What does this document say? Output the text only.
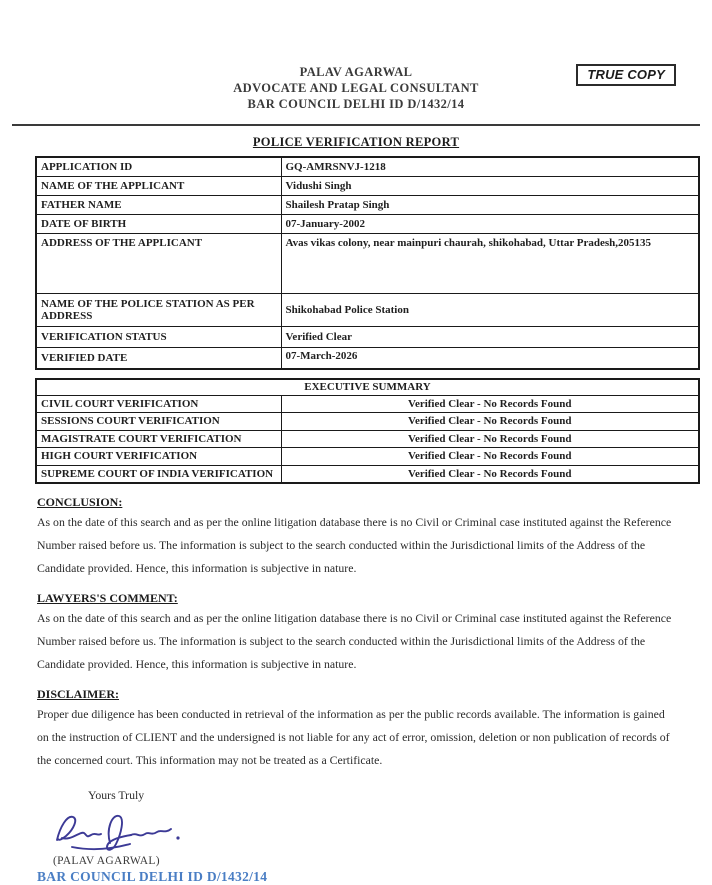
PALAV AGARWAL
ADVOCATE AND LEGAL CONSULTANT
BAR COUNCIL DELHI ID D/1432/14
TRUE COPY
POLICE VERIFICATION REPORT
APPLICATION ID	GQ-AMRSNVJ-1218
NAME OF THE APPLICANT	Vidushi Singh
FATHER NAME	Shailesh Pratap Singh
DATE OF BIRTH	07-January-2002
ADDRESS OF THE APPLICANT	Avas vikas colony, near mainpuri chaurah, shikohabad, Uttar Pradesh,205135
NAME OF THE POLICE STATION AS PER ADDRESS	Shikohabad Police Station
VERIFICATION STATUS	Verified Clear
VERIFIED DATE	07-March-2026
EXECUTIVE SUMMARY	
CIVIL COURT VERIFICATION	Verified Clear - No Records Found
SESSIONS COURT VERIFICATION	Verified Clear - No Records Found
MAGISTRATE COURT VERIFICATION	Verified Clear - No Records Found
HIGH COURT VERIFICATION	Verified Clear - No Records Found
SUPREME COURT OF INDIA VERIFICATION	Verified Clear - No Records Found
CONCLUSION:
As on the date of this search and as per the online litigation database there is no Civil or Criminal case instituted against the Reference Number raised before us. The information is subject to the search conducted within the Jurisdictional limits of the Address of the Candidate provided. Hence, this information is subjective in nature.
LAWYERS'S COMMENT:
As on the date of this search and as per the online litigation database there is no Civil or Criminal case instituted against the Reference Number raised before us. The information is subject to the search conducted within the Jurisdictional limits of the Address of the Candidate provided. Hence, this information is subjective in nature.
DISCLAIMER:
Proper due diligence has been conducted in retrieval of the information as per the public records available. The information is gained on the instruction of CLIENT and the undersigned is not liable for any act of error, omission, deletion or non publication of records of the concerned court. This information may not be treated as a Certificate.
Yours Truly
(PALAV AGARWAL)
BAR COUNCIL DELHI ID D/1432/14
